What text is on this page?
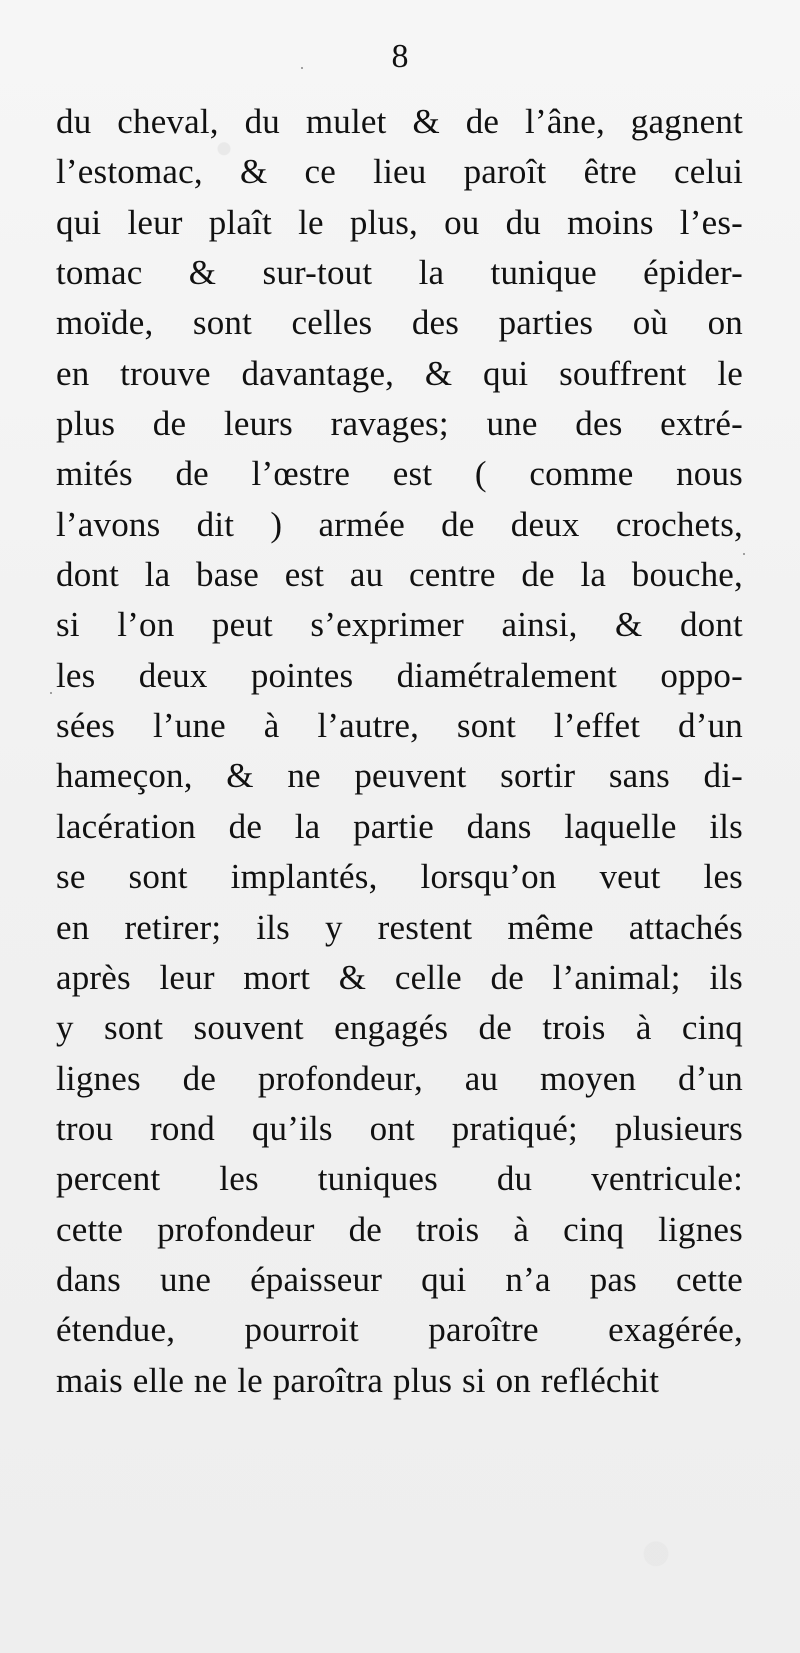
8
du cheval, du mulet & de l’âne, gagnent
l’estomac, & ce lieu paroît être celui
qui leur plaît le plus, ou du moins l’es-
tomac & sur-tout la tunique épider-
moïde, sont celles des parties où on
en trouve davantage, & qui souffrent le
plus de leurs ravages; une des extré-
mités de l’œstre est ( comme nous
l’avons dit ) armée de deux crochets,
dont la base est au centre de la bouche,
si l’on peut s’exprimer ainsi, & dont
les deux pointes diamétralement oppo-
sées l’une à l’autre, sont l’effet d’un
hameçon, & ne peuvent sortir sans di-
lacération de la partie dans laquelle ils
se sont implantés, lorsqu’on veut les
en retirer; ils y restent même attachés
après leur mort & celle de l’animal; ils
y sont souvent engagés de trois à cinq
lignes de profondeur, au moyen d’un
trou rond qu’ils ont pratiqué; plusieurs
percent les tuniques du ventricule:
cette profondeur de trois à cinq lignes
dans une épaisseur qui n’a pas cette
étendue, pourroit paroître exagérée,
mais elle ne le paroîtra plus si on refléchit
